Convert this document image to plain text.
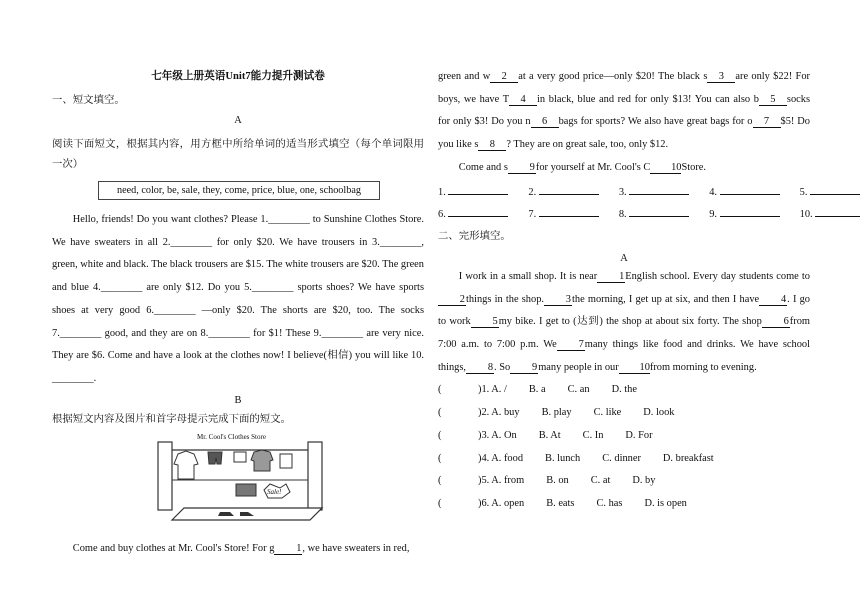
七年级上册英语Unit7能力提升测试卷

一、短文填空。

A

阅读下面短文，根据其内容，用方框中所给单词的适当形式填空（每个单词限用一次）

need, color, be, sale, they, come, price, blue, one, schoolbag

Hello, friends! Do you want clothes? Please 1.________ to Sunshine Clothes Store. We have sweaters in all 2.________ for only $20. We have trousers in 3.________, green, white and black. The black trousers are $15. The white trousers are $20. The green and blue 4.________ are only $12. Do you 5.________ sports shoes? We have sports shoes at very good 6.________ —only $20. The shorts are $20, too. The socks 7.________ good, and they are on 8.________ for $1! These 9.________ are very nice. They are $6. Come and have a look at the clothes now! I believe(相信) you will like 10. ________.

B

根据短文内容及图片和首字母提示完成下面的短文。

Mr. Cool's Clothes Store
Sale!

Come and buy clothes at Mr. Cool's Store! For g 1, we have sweaters in red,

green and w 2 at a very good price—only $20! The black s 3 are only $22! For boys, we have T 4 in black, blue and red for only $13! You can also b 5 socks for only $3! Do you n 6 bags for sports? We also have great bags for o 7 $5! Do you like s 8 ? They are on great sale, too, only $12.

Come and s 9for yourself at Mr. Cool's C 10Store.

1.	2.	3.	4.	5.
6.	7.	8.	9.	10.

二、完形填空。

A

I work in a small shop. It is near 1English school. Every day students come to2things in the shop. 3the morning, I get up at six, and then I have 4. I go to work 5my bike. I get to (达到) the shop at about six forty. The shop 6from 7:00 a.m. to 7:00 p.m. We 7many things like food and drinks. We have school things, 8. So 9many people in our 10from morning to evening.

(	)1. A. / B. a C. an D. the
(	)2. A. buy B. play C. like D. look
(	)3. A. On B. At C. In D. For
(	)4. A. food B. lunch C. dinner D. breakfast
(	)5. A. from B. on C. at D. by
(	)6. A. open B. eats C. has D. is open
